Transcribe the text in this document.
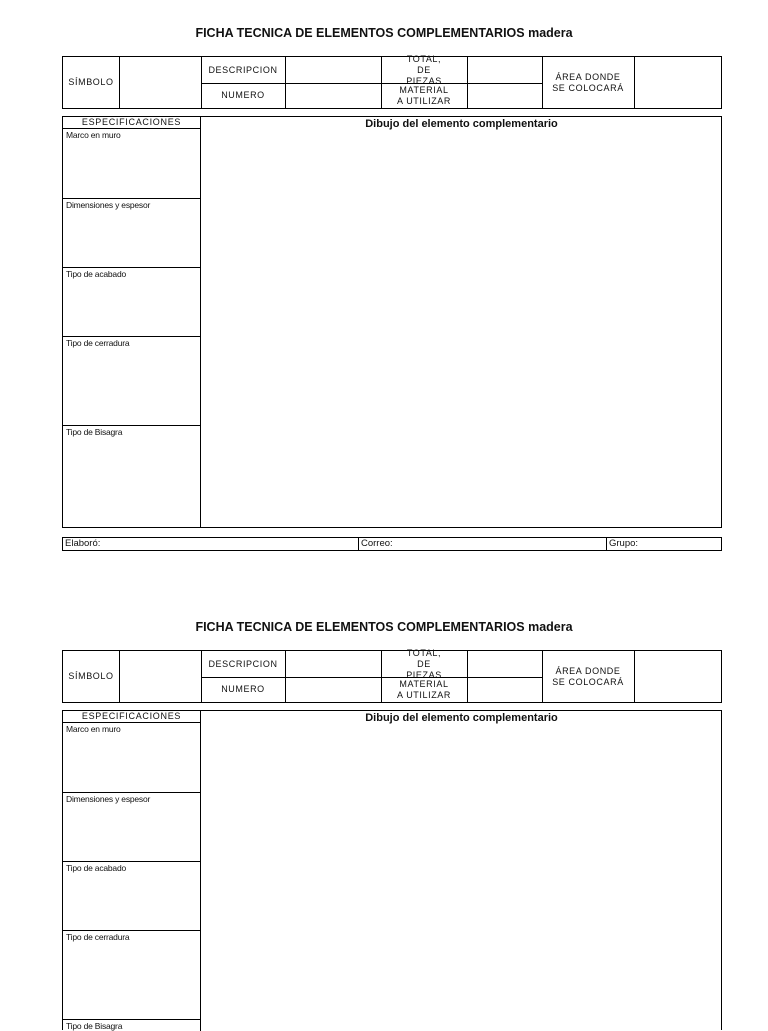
FICHA TECNICA DE ELEMENTOS COMPLEMENTARIOS madera
SÍMBOLO
DESCRIPCION
NUMERO
TOTAL, DE PIEZAS
MATERIAL A UTILIZAR
ÁREA DONDE SE COLOCARÁ
ESPECIFICACIONES
Marco en muro
Dimensiones y espesor
Tipo de acabado
Tipo de cerradura
Tipo de Bisagra
Dibujo del elemento complementario
Elaboró:	Correo:	Grupo:
FICHA TECNICA DE ELEMENTOS COMPLEMENTARIOS madera
SÍMBOLO
DESCRIPCION
NUMERO
TOTAL, DE PIEZAS
MATERIAL A UTILIZAR
ÁREA DONDE SE COLOCARÁ
ESPECIFICACIONES
Marco en muro
Dimensiones y espesor
Tipo de acabado
Tipo de cerradura
Tipo de Bisagra
Dibujo del elemento complementario
